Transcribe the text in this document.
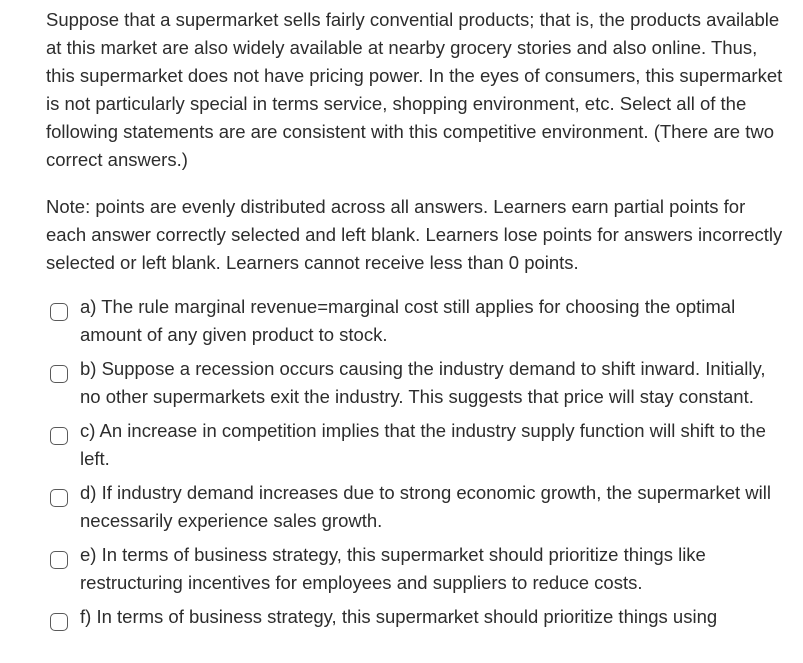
Suppose that a supermarket sells fairly convential products; that is, the products available at this market are also widely available at nearby grocery stories and also online. Thus, this supermarket does not have pricing power. In the eyes of consumers, this supermarket is not particularly special in terms service, shopping environment, etc. Select all of the following statements are are consistent with this competitive environment. (There are two correct answers.)

Note: points are evenly distributed across all answers. Learners earn partial points for each answer correctly selected and left blank. Learners lose points for answers incorrectly selected or left blank. Learners cannot receive less than 0 points.

a) The rule marginal revenue=marginal cost still applies for choosing the optimal amount of any given product to stock.
b) Suppose a recession occurs causing the industry demand to shift inward. Initially, no other supermarkets exit the industry. This suggests that price will stay constant.
c) An increase in competition implies that the industry supply function will shift to the left.
d) If industry demand increases due to strong economic growth, the supermarket will necessarily experience sales growth.
e) In terms of business strategy, this supermarket should prioritize things like restructuring incentives for employees and suppliers to reduce costs.
f) In terms of business strategy, this supermarket should prioritize things using
